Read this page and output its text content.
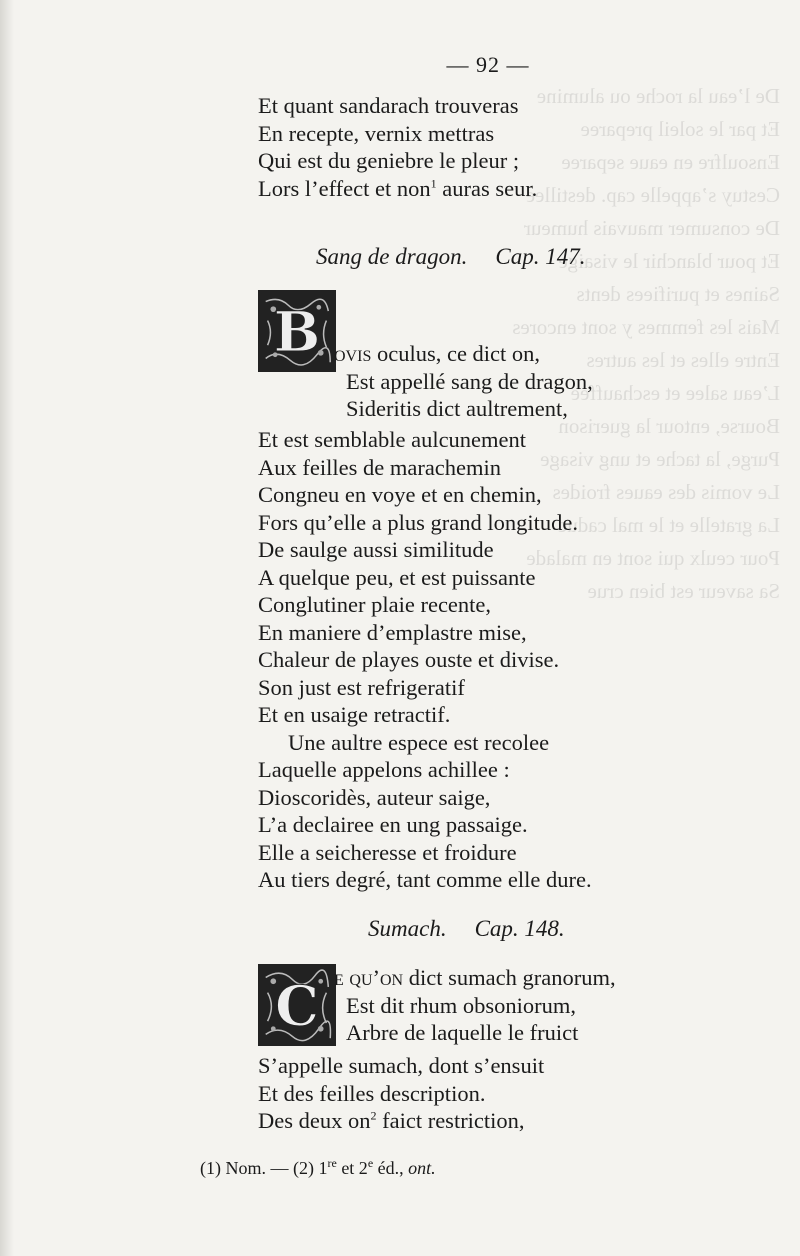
De l’eau la roche ou alumine
Et par le soleil preparee
Ensoulfre en eaue separee
Cestuy s’appelle cap. destillee
De consumer mauvais humeur
Et pour blanchir le visaige
Saines et purifiees dents
Mais les femmes y sont encores
Entre elles et les autres
L’eau salee et eschauffee
Bourse, entour la guerison
Purge, la tache et ung visage
Le vomis des eaues froides
La gratelle et le mal caduc
Pour ceulx qui sont en malade
Sa saveur est bien crue
— 92 —
Et quant sandarach trouveras
En recepte, vernix mettras
Qui est du geniebre le pleur ;
Lors l’effect et non$^1$ auras seur.
Sang de dragon. Cap. 147.
B ovis oculus, ce dict on,
Est appellé sang de dragon,
Sideritis dict aultrement,
Et est semblable aulcunement
Aux feilles de marachemin
Congneu en voye et en chemin,
Fors qu’elle a plus grand longitude.
De saulge aussi similitude
A quelque peu, et est puissante
Conglutiner plaie recente,
En maniere d’emplastre mise,
Chaleur de playes ouste et divise.
Son just est refrigeratif
Et en usaige retractif.
Une aultre espece est recolee
Laquelle appelons achillee :
Dioscoridès, auteur saige,
L’a declairee en ung passaige.
Elle a seicheresse et froidure
Au tiers degré, tant comme elle dure.
Sumach. Cap. 148.
C e qu’on dict sumach granorum,
Est dit rhum obsoniorum,
Arbre de laquelle le fruict
S’appelle sumach, dont s’ensuit
Et des feilles description.
Des deux $on^2$ faict restriction,
(1) Nom. — (2) 1re et 2e éd., ont.
